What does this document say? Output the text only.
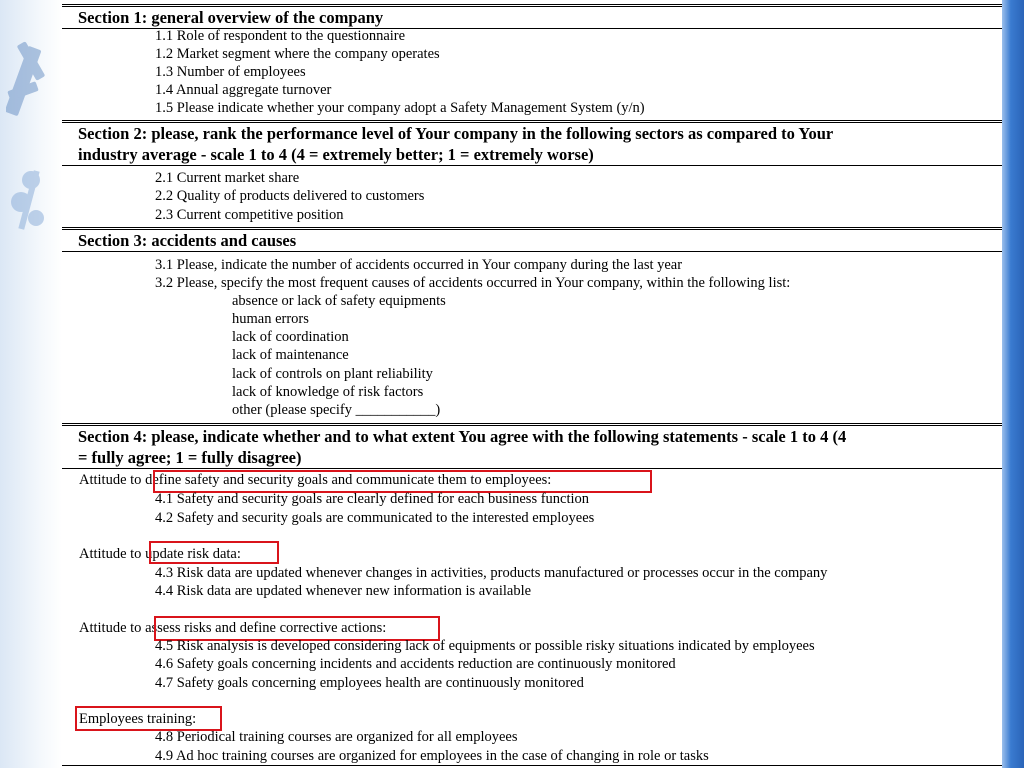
Section 1: general overview of the company
1.1 Role of respondent to the questionnaire
1.2 Market segment where the company operates
1.3 Number of employees
1.4 Annual aggregate turnover
1.5 Please indicate whether your company adopt a Safety Management System (y/n)
Section 2: please, rank the performance level of Your company in the following sectors as compared to Your
industry average - scale 1 to 4 (4 = extremely better; 1 = extremely worse)
2.1 Current market share
2.2 Quality of products delivered to customers
2.3 Current competitive position
Section 3: accidents and causes
3.1 Please, indicate the number of accidents occurred in Your company during the last year
3.2 Please, specify the most frequent causes of accidents occurred in Your company, within the following list:
absence or lack of safety equipments
human errors
lack of coordination
lack of maintenance
lack of controls on plant reliability
lack of knowledge of risk factors
other (please specify ___________)
Section 4: please, indicate whether and to what extent You agree with the following statements - scale 1 to 4 (4
= fully agree; 1 = fully disagree)
Attitude to define safety and security goals and communicate them to employees:
4.1 Safety and security goals are clearly defined for each business function
4.2 Safety and security goals are communicated to the interested employees
Attitude to update risk data:
4.3 Risk data are updated whenever changes in activities, products manufactured or processes occur in the company
4.4 Risk data are updated whenever new information is available
Attitude to assess risks and define corrective actions:
4.5 Risk analysis is developed considering lack of equipments or possible risky situations indicated by employees
4.6 Safety goals concerning incidents and accidents reduction are continuously monitored
4.7 Safety goals concerning employees health are continuously monitored
Employees training:
4.8 Periodical training courses are organized for all employees
4.9 Ad hoc training courses are organized for employees in the case of changing in role or tasks
